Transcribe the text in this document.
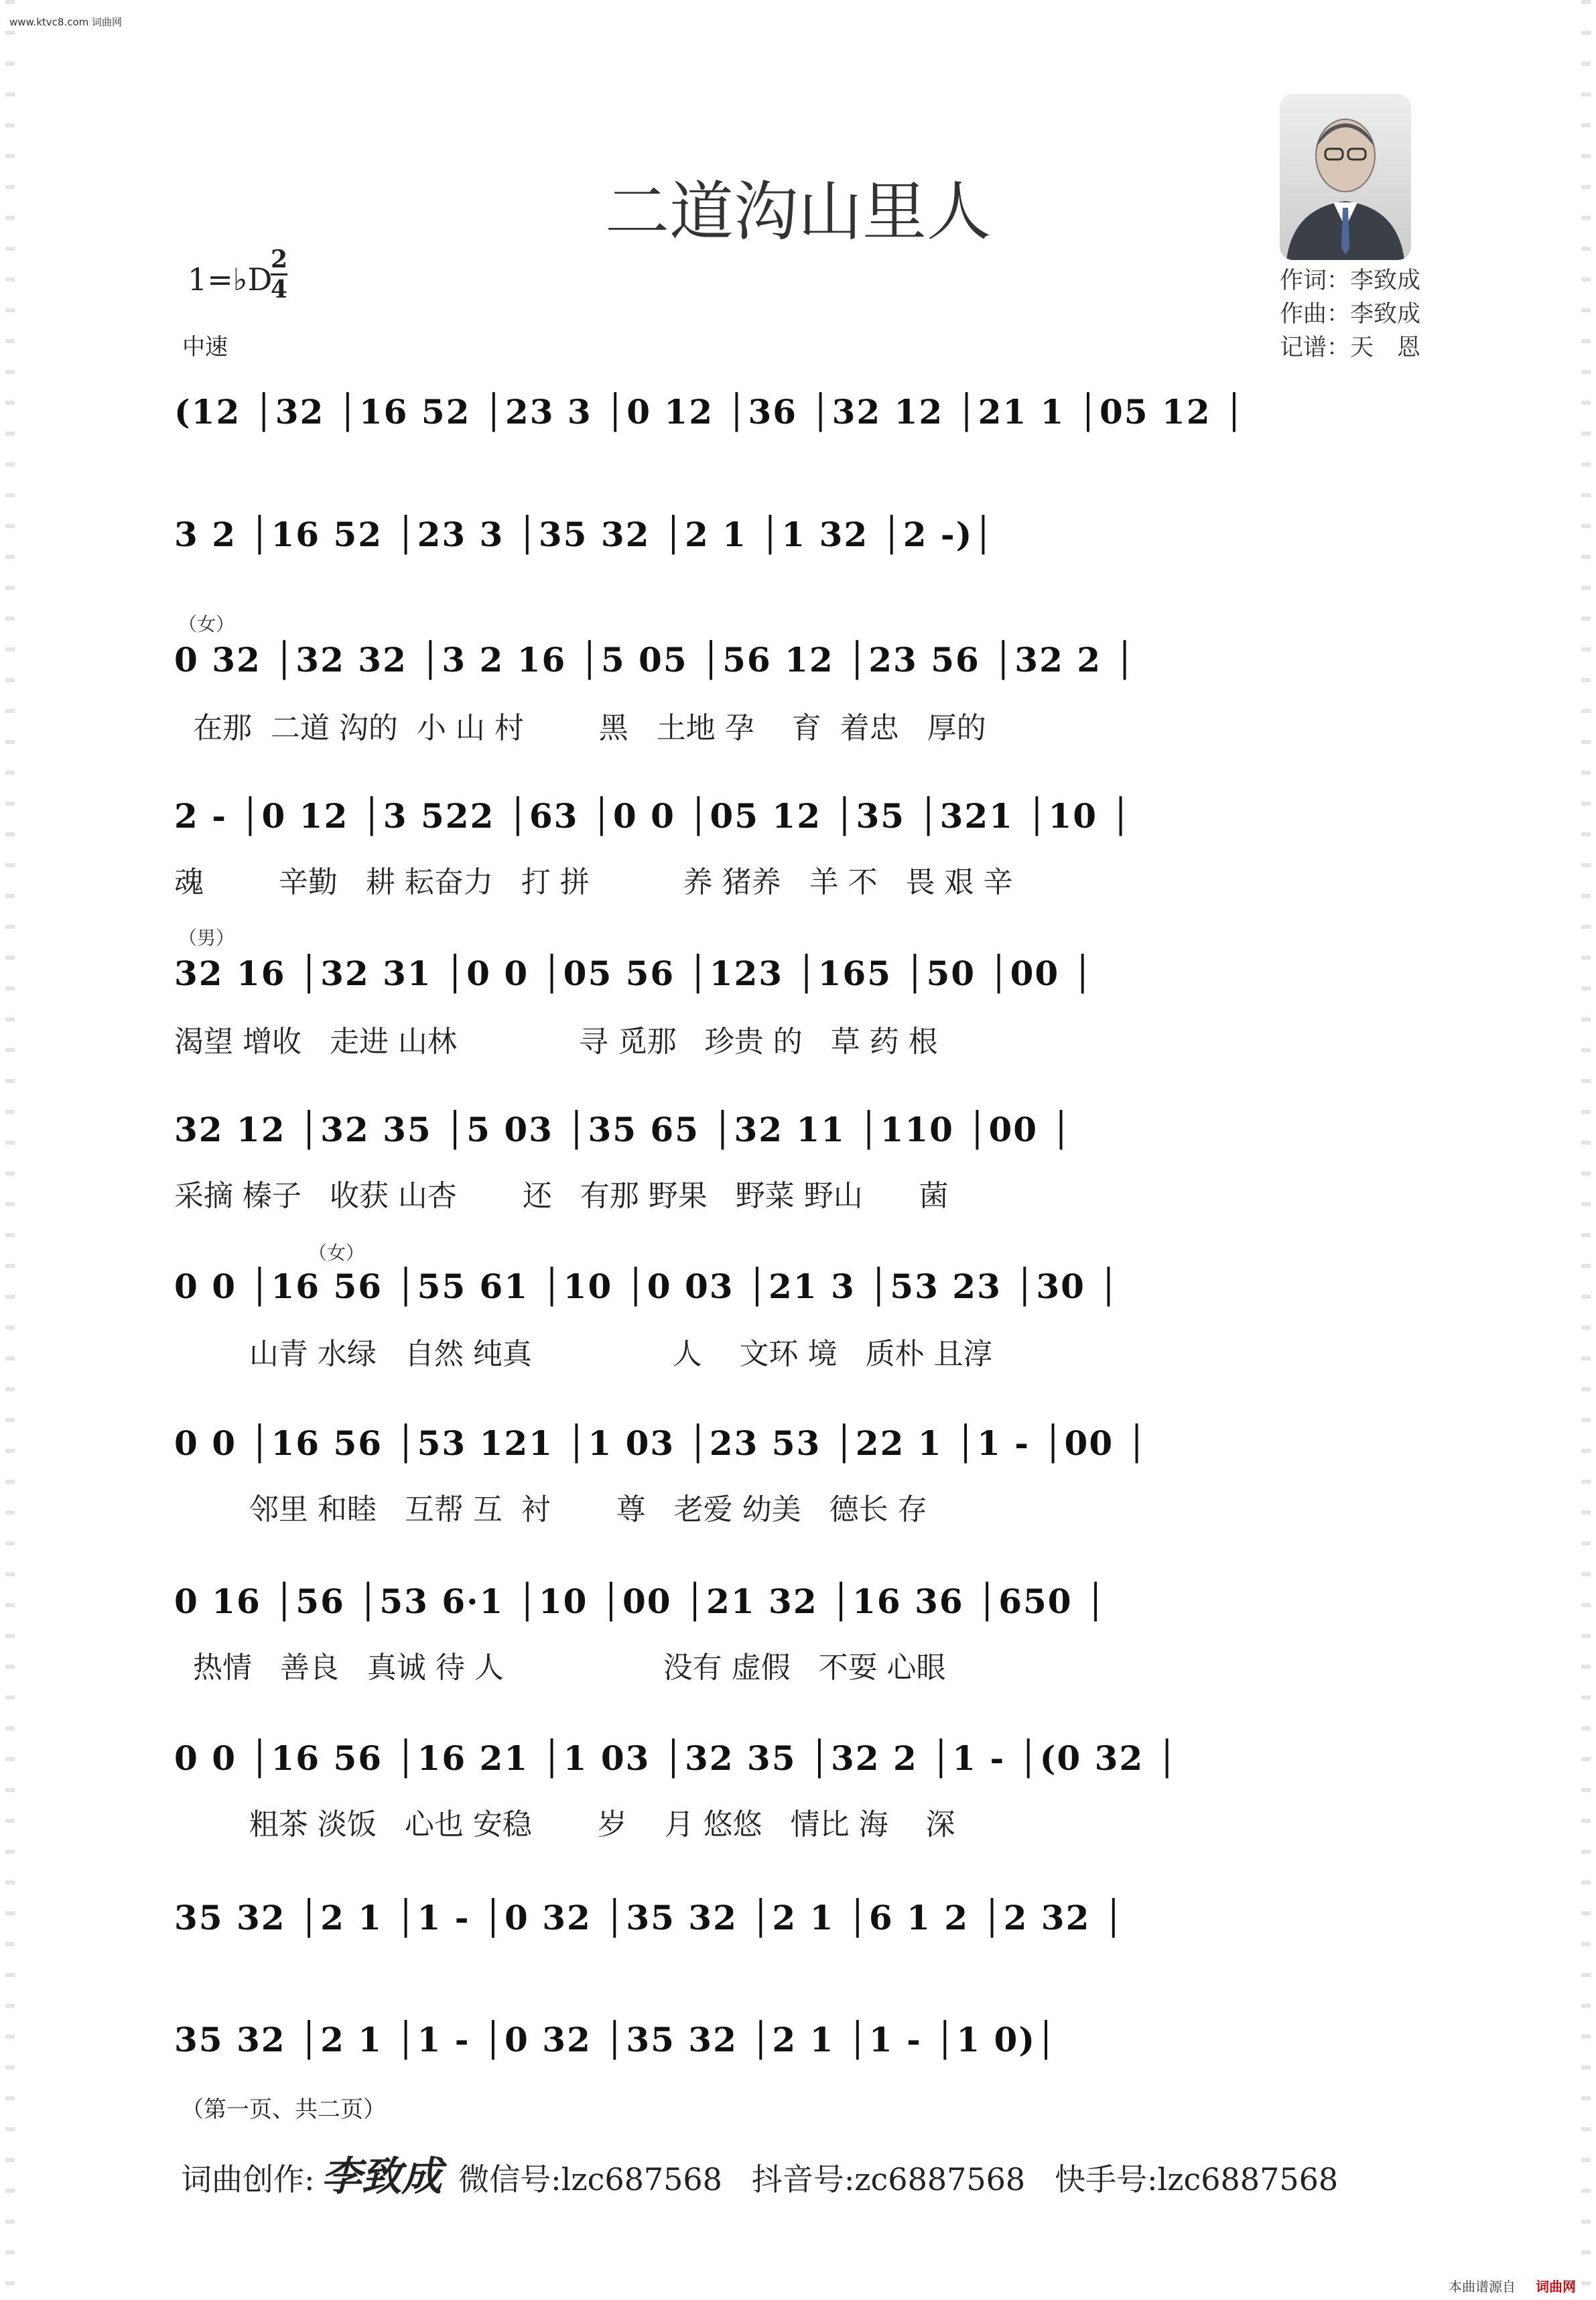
www.ktvc8.com 词曲网
二道沟山里人
作词：李致成
作曲：李致成
记谱：天　恩
1=♭D
2
4
中速
(12 │32 │16 52 │23 3 │0 12 │36 │32 12 │21 1 │05 12 │
3 2 │16 52 │23 3 │35 32 │2 1 │1 32 │2 -)│
（女）
0 32 │32 32 │3 2 16 │5 05 │56 12 │23 56 │32 2 │
在那  二道 沟的  小 山 村        黑   土地 孕    育  着忠   厚的
2 - │0 12 │3 522 │63 │0 0 │05 12 │35 │321 │10 │
魂        辛勤   耕 耘奋力   打 拼          养 猪养   羊 不   畏 艰 辛
（男）
32 16 │32 31 │0 0 │05 56 │123 │165 │50 │00 │
渴望 增收   走进 山林             寻 觅那   珍贵 的   草 药 根
32 12 │32 35 │5 03 │35 65 │32 11 │110 │00 │
采摘 榛子   收获 山杏       还   有那 野果   野菜 野山      菌
（女）
0 0 │16 56 │55 61 │10 │0 03 │21 3 │53 23 │30 │
山青 水绿   自然 纯真               人    文环 境   质朴 且淳
0 0 │16 56 │53 121 │1 03 │23 53 │22 1 │1 - │00 │
邻里 和睦   互帮 互  衬       尊   老爱 幼美   德长 存
0 16 │56 │53 6·1 │10 │00 │21 32 │16 36 │650 │
热情   善良   真诚 待 人                 没有 虚假   不耍 心眼
0 0 │16 56 │16 21 │1 03 │32 35 │32 2 │1 - │(0 32 │
粗茶 淡饭   心也 安稳       岁    月 悠悠   情比 海    深
35 32 │2 1 │1 - │0 32 │35 32 │2 1 │6 1 2 │2 32 │
35 32 │2 1 │1 - │0 32 │35 32 │2 1 │1 - │1 0)│
（第一页、共二页）
词曲创作: 李致成 微信号:lzc687568 抖音号:zc6887568 快手号:lzc6887568
本曲谱源自 词曲网
